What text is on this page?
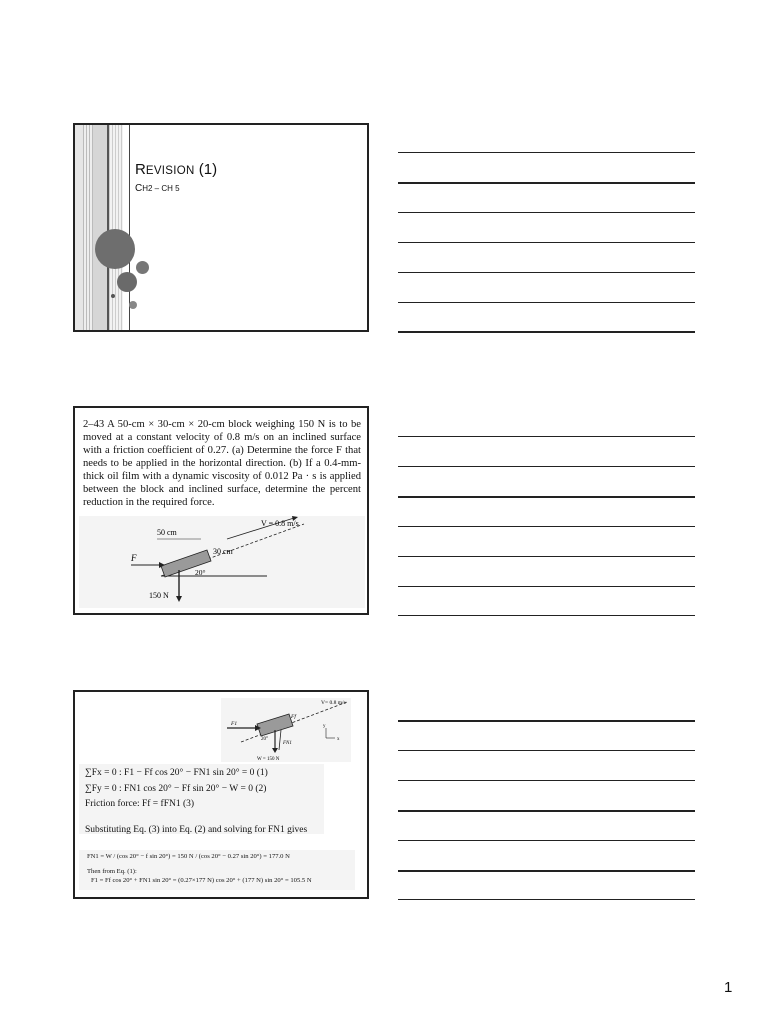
REVISION (1)
CH2 – CH 5
2–43 A 50-cm × 30-cm × 20-cm block weighing 150 N is to be moved at a constant velocity of 0.8 m/s on an inclined surface with a friction coefficient of 0.27. (a) Determine the force F that needs to be applied in the horizontal direction. (b) If a 0.4-mm-thick oil film with a dynamic viscosity of 0.012 Pa · s is applied between the block and inclined surface, determine the percent reduction in the required force.
50 cm
30 cm
V = 0.8 m/s
F
20°
150 N
V= 0.8 m/s
F1
Ff
FN1
W = 150 N
20°	x
y
∑Fx = 0 : F1 − Ff cos 20° − FN1 sin 20° = 0 (1)
∑Fy = 0 : FN1 cos 20° − Ff sin 20° − W = 0 (2)
Friction force: Ff = fFN1 (3)
Substituting Eq. (3) into Eq. (2) and solving for FN1 gives
FN1 = W / (cos 20° − f sin 20°) = 150 N / (cos 20° − 0.27 sin 20°) = 177.0 N
Then from Eq. (1):
F1 = Ff cos 20° + FN1 sin 20° = (0.27×177 N) cos 20° + (177 N) sin 20° = 105.5 N
1
